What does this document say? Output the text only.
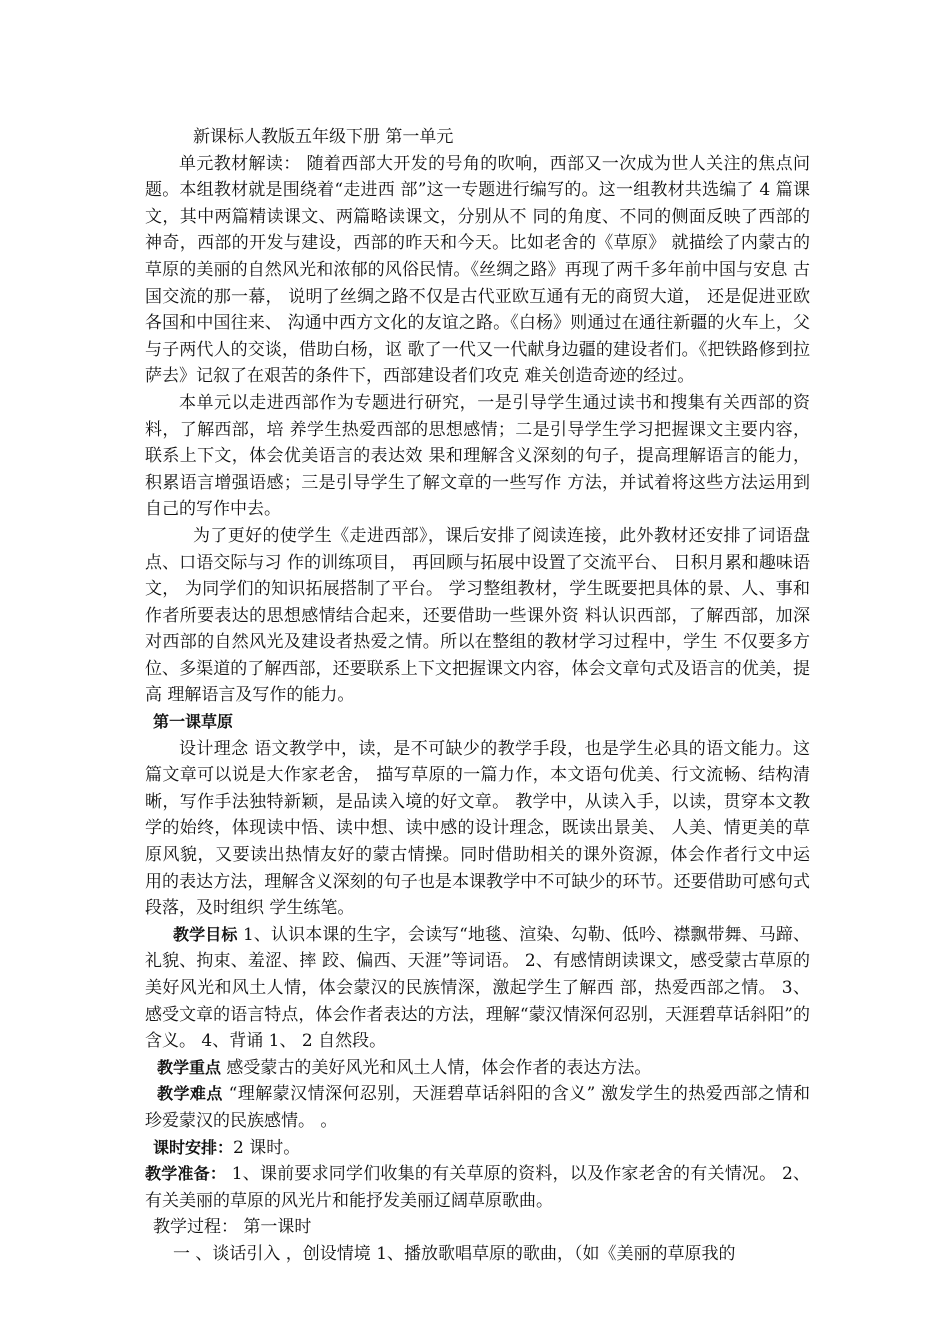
新课标人教版五年级下册 第一单元

单元教材解读： 随着西部大开发的号角的吹响，西部又一次成为世人关注的焦点问题。本组教材就是围绕着“走进西 部”这一专题进行编写的。这一组教材共选编了 4 篇课文，其中两篇精读课文、两篇略读课文，分别从不 同的角度、不同的侧面反映了西部的神奇，西部的开发与建设，西部的昨天和今天。比如老舍的《草原》 就描绘了内蒙古的草原的美丽的自然风光和浓郁的风俗民情。《丝绸之路》再现了两千多年前中国与安息 古国交流的那一幕， 说明了丝绸之路不仅是古代亚欧互通有无的商贸大道， 还是促进亚欧各国和中国往来、 沟通中西方文化的友谊之路。《白杨》则通过在通往新疆的火车上，父与子两代人的交谈，借助白杨，讴 歌了一代又一代献身边疆的建设者们。《把铁路修到拉萨去》记叙了在艰苦的条件下，西部建设者们攻克 难关创造奇迹的经过。

本单元以走进西部作为专题进行研究，一是引导学生通过读书和搜集有关西部的资料，了解西部，培 养学生热爱西部的思想感情；二是引导学生学习把握课文主要内容，联系上下文，体会优美语言的表达效 果和理解含义深刻的句子，提高理解语言的能力，积累语言增强语感；三是引导学生了解文章的一些写作 方法，并试着将这些方法运用到自己的写作中去。

为了更好的使学生《走进西部》，课后安排了阅读连接，此外教材还安排了词语盘点、口语交际与习 作的训练项目， 再回顾与拓展中设置了交流平台、 日积月累和趣味语文， 为同学们的知识拓展搭制了平台。 学习整组教材，学生既要把具体的景、人、事和作者所要表达的思想感情结合起来，还要借助一些课外资 料认识西部，了解西部，加深对西部的自然风光及建设者热爱之情。所以在整组的教材学习过程中，学生 不仅要多方位、多渠道的了解西部，还要联系上下文把握课文内容，体会文章句式及语言的优美，提高 理解语言及写作的能力。

第一课草原

设计理念 语文教学中，读，是不可缺少的教学手段，也是学生必具的语文能力。这篇文章可以说是大作家老舍， 描写草原的一篇力作，本文语句优美、行文流畅、结构清晰，写作手法独特新颖，是品读入境的好文章。 教学中，从读入手，以读，贯穿本文教学的始终，体现读中悟、读中想、读中感的设计理念，既读出景美、 人美、情更美的草原风貌，又要读出热情友好的蒙古情操。同时借助相关的课外资源，体会作者行文中运 用的表达方法，理解含义深刻的句子也是本课教学中不可缺少的环节。还要借助可感句式段落，及时组织 学生练笔。

教学目标 1、认识本课的生字，会读写“地毯、渲染、勾勒、低吟、襟飘带舞、马蹄、礼貌、拘束、羞涩、摔 跤、偏西、天涯”等词语。 2、有感情朗读课文，感受蒙古草原的美好风光和风土人情，体会蒙汉的民族情深，激起学生了解西 部，热爱西部之情。 3、感受文章的语言特点，体会作者表达的方法，理解“蒙汉情深何忍别，天涯碧草话斜阳”的含义。 4、背诵 1、 2 自然段。

教学重点 感受蒙古的美好风光和风土人情，体会作者的表达方法。

教学难点 “理解蒙汉情深何忍别，天涯碧草话斜阳的含义” 激发学生的热爱西部之情和珍爱蒙汉的民族感情。 。

课时安排：2 课时。

教学准备： 1、课前要求同学们收集的有关草原的资料，以及作家老舍的有关情况。 2、有关美丽的草原的风光片和能抒发美丽辽阔草原歌曲。

教学过程： 第一课时

一 、谈话引入 ，创设情境 1、播放歌唱草原的歌曲，（如《美丽的草原我的
